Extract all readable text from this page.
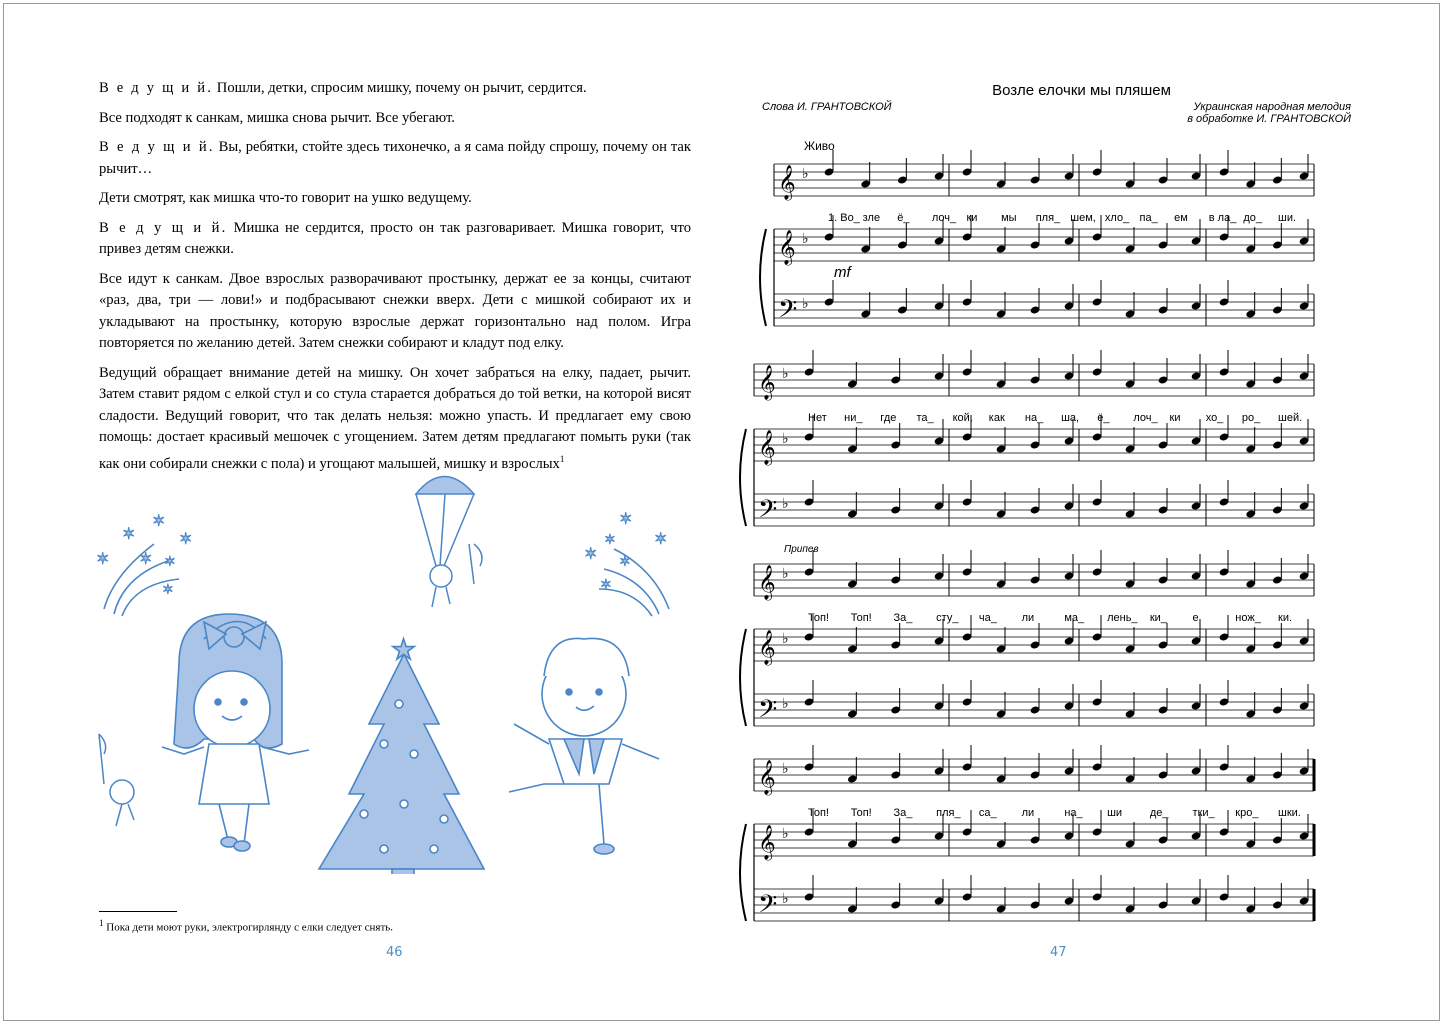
В е д у щ и й. Пошли, детки, спросим мишку, почему он рычит, сердится.

Все подходят к санкам, мишка снова рычит. Все убегают.

В е д у щ и й. Вы, ребятки, стойте здесь тихонечко, а я сама пойду спрошу, почему он так рычит…

Дети смотрят, как мишка что-то говорит на ушко ведущему.

В е д у щ и й. Мишка не сердится, просто он так разговаривает. Мишка говорит, что привез детям снежки.

Все идут к санкам. Двое взрослых разворачивают простынку, держат ее за концы, считают «раз, два, три — лови!» и подбрасывают снежки вверх. Дети с мишкой собирают их и укладывают на простынку, которую взрослые держат горизонтально над полом. Игра повторяется по желанию детей. Затем снежки собирают и кладут под елку.

Ведущий обращает внимание детей на мишку. Он хочет забраться на елку, падает, рычит. Затем ставит рядом с елкой стул и со стула старается добраться до той ветки, на которой висят сладости. Ведущий говорит, что так делать нельзя: можно упасть. И предлагает ему свою помощь: достает красивый мешочек с угощением. Затем детям предлагают помыть руки (так как они собирали снежки с пола) и угощают малышей, мишку и взрослых$^1$

✶
✶
✶
✶ ✶ ✶
✶
✶
✶
✶
✶
✶
✶
★
$^1$ Пока дети моют руки, электрогирлянду с елки следует снять.
46
Возле елочки мы пляшем
Слова И. ГРАНТОВСКОЙ	Украинская народная мелодия
в обработке И. ГРАНТОВСКОЙ
Живо
𝄞 ♭
𝄞 ♭
𝄢 ♭
1. Во_ зле ё_ лоч_ ки мы пля_ шем, хло_ па_ ем в ла_ до_ ши.
mf
𝄞 ♭
𝄞 ♭
𝄢 ♭
Нет ни_ где та_ кой, как на_ ша, ё_ лоч_ ки хо_ ро_ шей.
Припев
𝄞 ♭
𝄞 ♭
𝄢 ♭
Топ! Топ! За_ сту_ ча_ ли	ма_ лень_ ки_ е	нож_ ки.
𝄞 ♭
𝄞 ♭
𝄢 ♭
Топ! Топ! За_ пля_ са_ ли	на_ ши	де_ тки_ кро_ шки.
47
